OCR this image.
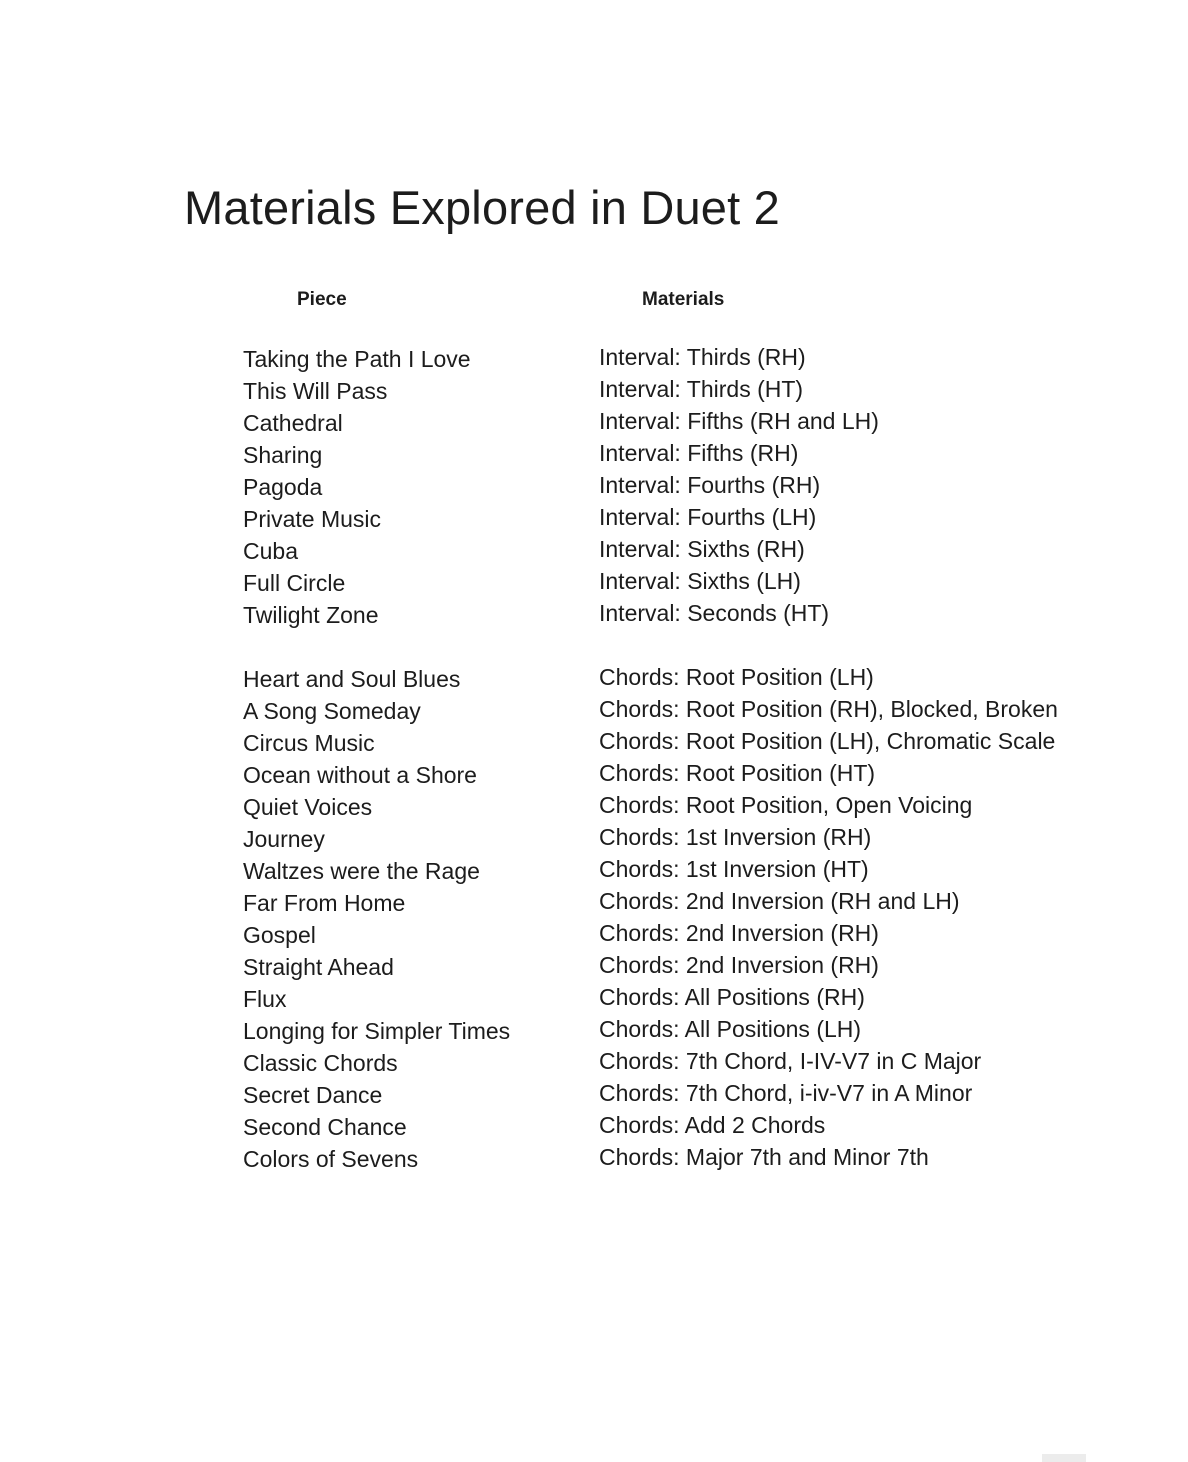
Materials Explored in Duet 2
Piece	Materials
Taking the Path I Love	Interval: Thirds (RH)
This Will Pass	Interval: Thirds (HT)
Cathedral	Interval: Fifths (RH and LH)
Sharing	Interval: Fifths (RH)
Pagoda	Interval: Fourths (RH)
Private Music	Interval: Fourths (LH)
Cuba	Interval: Sixths (RH)
Full Circle	Interval: Sixths (LH)
Twilight Zone	Interval: Seconds (HT)
Heart and Soul Blues	Chords: Root Position (LH)
A Song Someday	Chords: Root Position (RH), Blocked, Broken
Circus Music	Chords: Root Position (LH), Chromatic Scale
Ocean without a Shore	Chords: Root Position (HT)
Quiet Voices	Chords: Root Position, Open Voicing
Journey	Chords: 1st Inversion (RH)
Waltzes were the Rage	Chords: 1st Inversion (HT)
Far From Home	Chords: 2nd Inversion (RH and LH)
Gospel	Chords: 2nd Inversion (RH)
Straight Ahead	Chords: 2nd Inversion (RH)
Flux	Chords: All Positions (RH)
Longing for Simpler Times	Chords: All Positions (LH)
Classic Chords	Chords: 7th Chord, I-IV-V7 in C Major
Secret Dance	Chords: 7th Chord, i-iv-V7 in A Minor
Second Chance	Chords: Add 2 Chords
Colors of Sevens	Chords: Major 7th and Minor 7th
